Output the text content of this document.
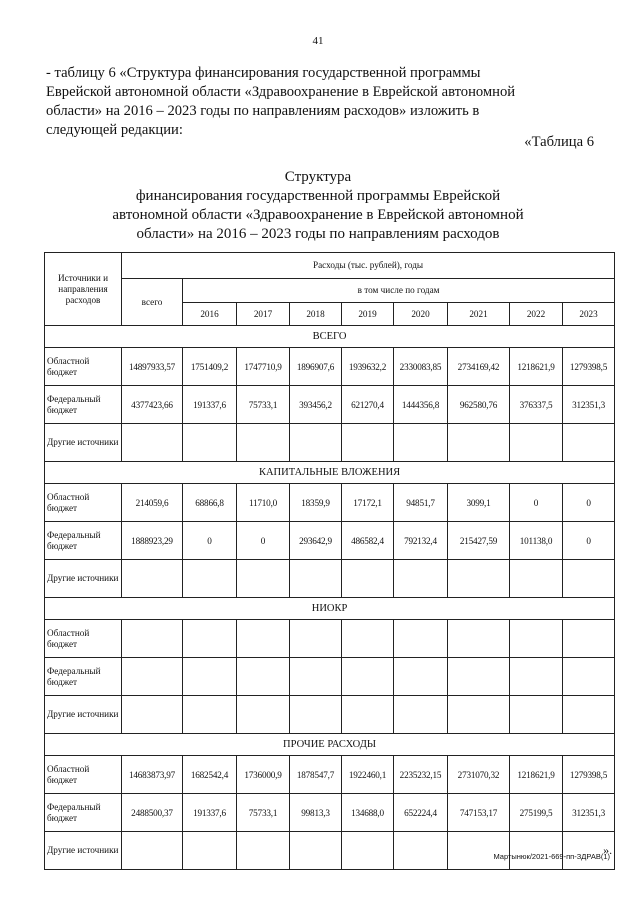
41
- таблицу 6 «Структура финансирования государственной программы
Еврейской автономной области «Здравоохранение в Еврейской автономной
области» на 2016 – 2023 годы по направлениям расходов» изложить в
следующей редакции:
«Таблица 6
Структура
финансирования государственной программы Еврейской
автономной области «Здравоохранение в Еврейской автономной
области» на 2016 – 2023 годы по направлениям расходов
Источники и направления расходов	Расходы (тыс. рублей), годы								
	всего	в том числе по годам							
		2016	2017	2018	2019	2020	2021	2022	2023
ВСЕГО									
Областной бюджет	14897933,57	1751409,2	1747710,9	1896907,6	1939632,2	2330083,85	2734169,42	1218621,9	1279398,5
Федеральный бюджет	4377423,66	191337,6	75733,1	393456,2	621270,4	1444356,8	962580,76	376337,5	312351,3
Другие источники									
КАПИТАЛЬНЫЕ ВЛОЖЕНИЯ									
Областной бюджет	214059,6	68866,8	11710,0	18359,9	17172,1	94851,7	3099,1	0	0
Федеральный бюджет	1888923,29	0	0	293642,9	486582,4	792132,4	215427,59	101138,0	0
Другие источники									
НИОКР									
Областной бюджет									
Федеральный бюджет									
Другие источники									
ПРОЧИЕ РАСХОДЫ									
Областной бюджет	14683873,97	1682542,4	1736000,9	1878547,7	1922460,1	2235232,15	2731070,32	1218621,9	1279398,5
Федеральный бюджет	2488500,37	191337,6	75733,1	99813,3	134688,0	652224,4	747153,17	275199,5	312351,3
Другие источники									».
Мартынюк/2021-669-пп-ЗДРАВ(1)
